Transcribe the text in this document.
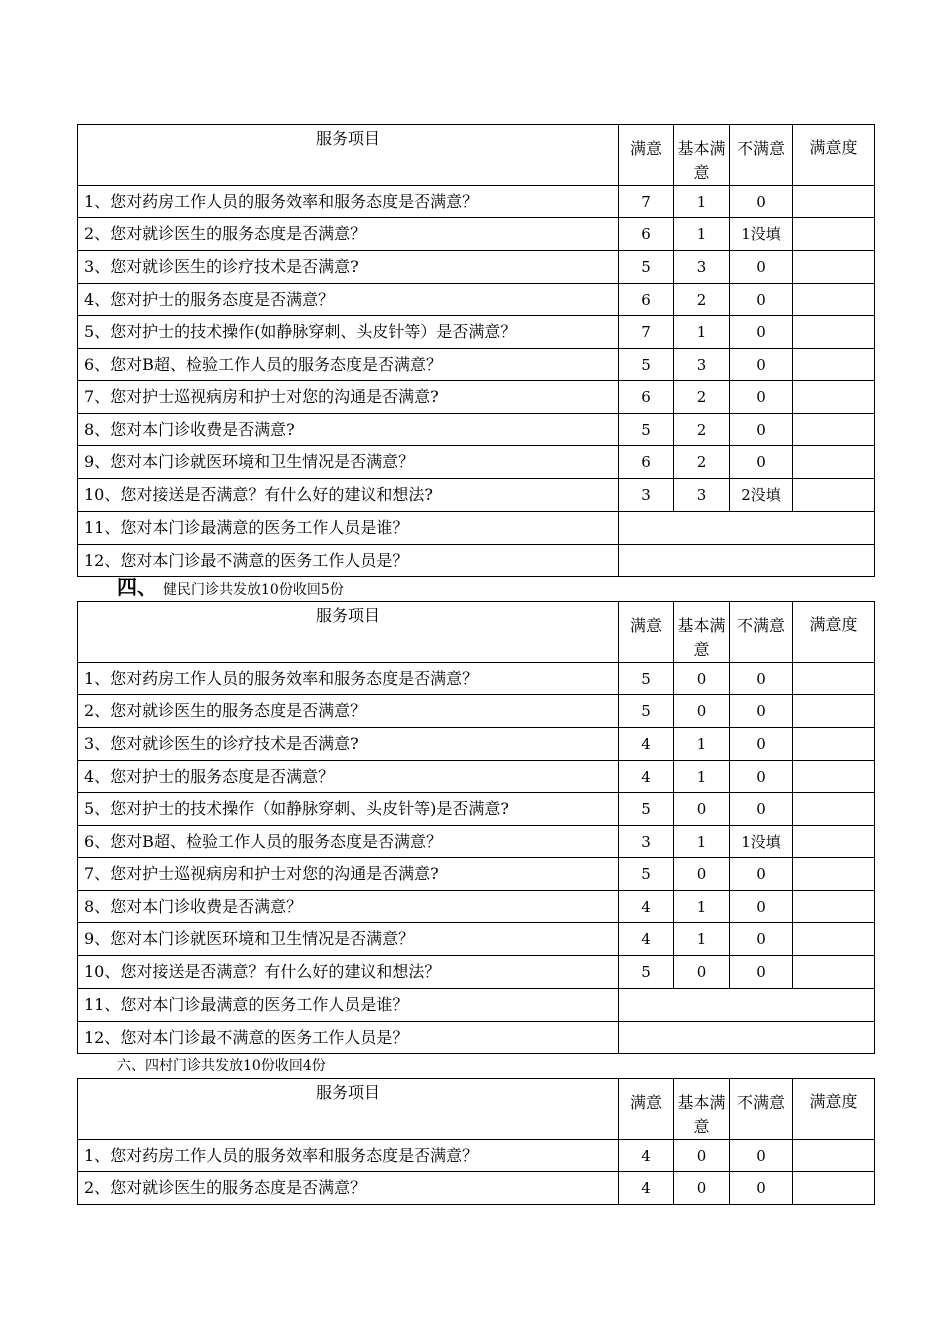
服务项目	满意	基本满意	不满意	满意度
1、您对药房工作人员的服务效率和服务态度是否满意？	7	1	0	
2、您对就诊医生的服务态度是否满意？	6	1	1没填	
3、您对就诊医生的诊疗技术是否满意?	5	3	0	
4、您对护士的服务态度是否满意？	6	2	0	
5、您对护士的技术操作(如静脉穿刺、头皮针等）是否满意？	7	1	0	
6、您对B超、检验工作人员的服务态度是否满意？	5	3	0	
7、您对护士巡视病房和护士对您的沟通是否满意?	6	2	0	
8、您对本门诊收费是否满意?	5	2	0	
9、您对本门诊就医环境和卫生情况是否满意？	6	2	0	
10、您对接送是否满意？有什么好的建议和想法?	3	3	2没填	
11、您对本门诊最满意的医务工作人员是谁？				
12、您对本门诊最不满意的医务工作人员是？				
四、 健民门诊共发放10份收回5份
服务项目	满意	基本满意	不满意	满意度
1、您对药房工作人员的服务效率和服务态度是否满意？	5	0	0	
2、您对就诊医生的服务态度是否满意？	5	0	0	
3、您对就诊医生的诊疗技术是否满意?	4	1	0	
4、您对护士的服务态度是否满意？	4	1	0	
5、您对护士的技术操作（如静脉穿刺、头皮针等)是否满意?	5	0	0	
6、您对B超、检验工作人员的服务态度是否满意？	3	1	1没填	
7、您对护士巡视病房和护士对您的沟通是否满意?	5	0	0	
8、您对本门诊收费是否满意？	4	1	0	
9、您对本门诊就医环境和卫生情况是否满意？	4	1	0	
10、您对接送是否满意？有什么好的建议和想法？	5	0	0	
11、您对本门诊最满意的医务工作人员是谁？				
12、您对本门诊最不满意的医务工作人员是？				
六、四村门诊共发放10份收回4份
服务项目	满意	基本满意	不满意	满意度
1、您对药房工作人员的服务效率和服务态度是否满意？	4	0	0	
2、您对就诊医生的服务态度是否满意？	4	0	0	
